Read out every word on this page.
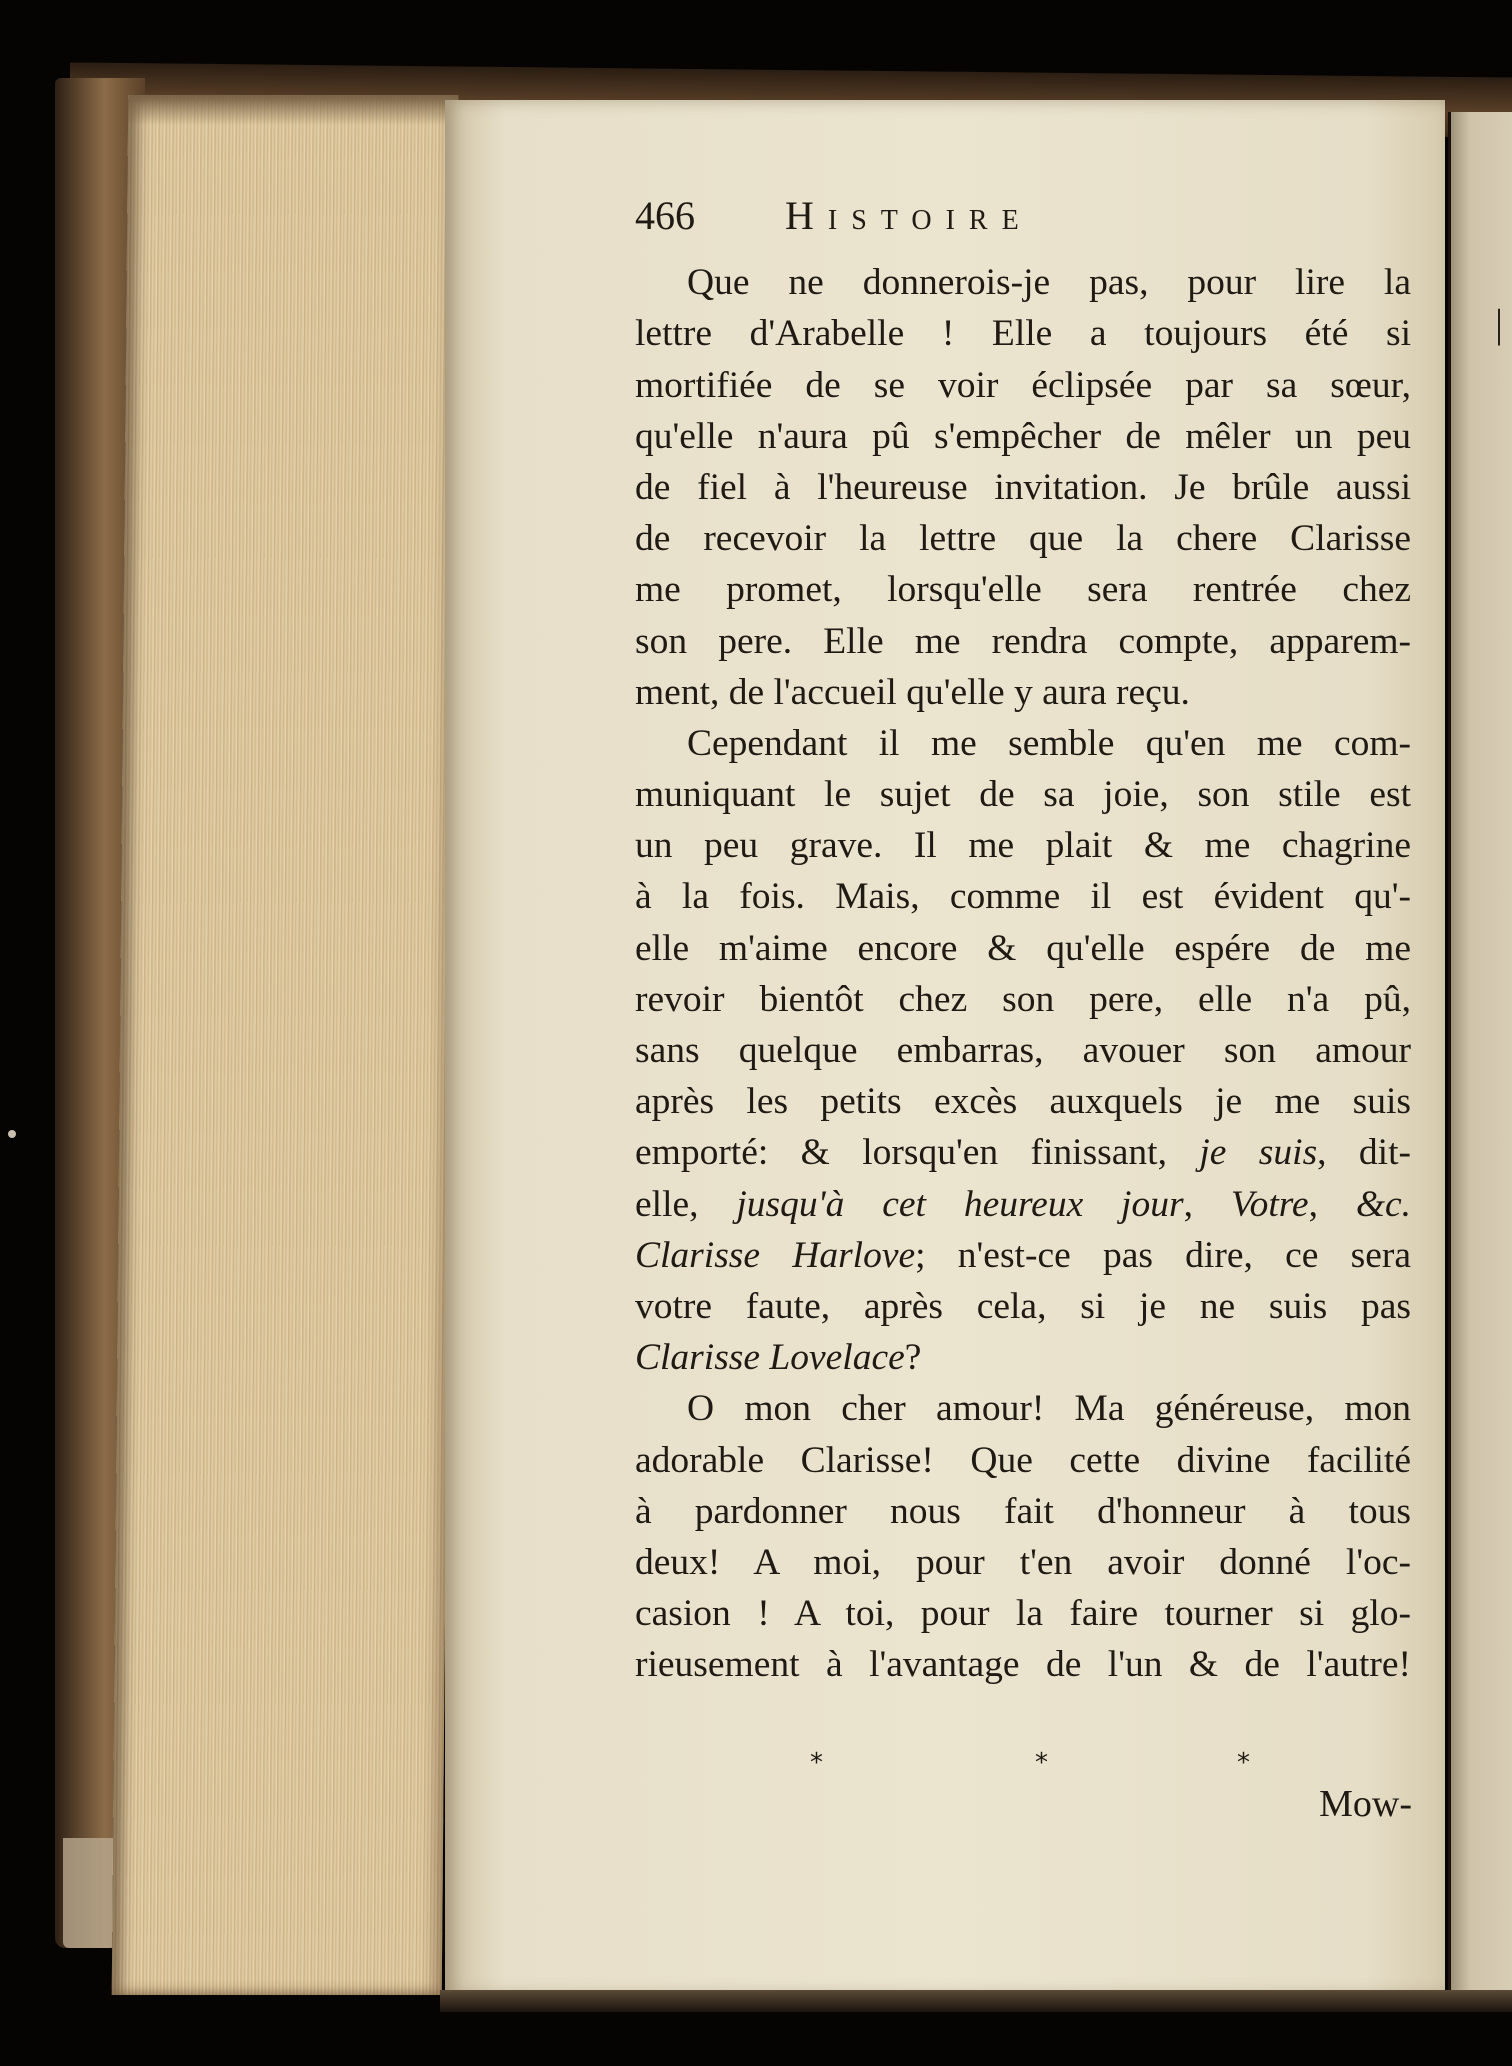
466	Histoire
Que ne donnerois-je pas, pour lire la
lettre d'Arabelle ! Elle a toujours été si
mortifiée de se voir éclipsée par sa sœur,
qu'elle n'aura pû s'empêcher de mêler un peu
de fiel à l'heureuse invitation. Je brûle aussi
de recevoir la lettre que la chere Clarisse
me promet, lorsqu'elle sera rentrée chez
son pere. Elle me rendra compte, apparem-
ment, de l'accueil qu'elle y aura reçu.
Cependant il me semble qu'en me com-
muniquant le sujet de sa joie, son stile est
un peu grave. Il me plait & me chagrine
à la fois. Mais, comme il est évident qu'-
elle m'aime encore & qu'elle espére de me
revoir bientôt chez son pere, elle n'a pû,
sans quelque embarras, avouer son amour
après les petits excès auxquels je me suis
emporté: & lorsqu'en finissant, je suis, dit-
elle, jusqu'à cet heureux jour, Votre, &c.
Clarisse Harlove; n'est-ce pas dire, ce sera
votre faute, après cela, si je ne suis pas
Clarisse Lovelace?
O mon cher amour! Ma généreuse, mon
adorable Clarisse! Que cette divine facilité
à pardonner nous fait d'honneur à tous
deux! A moi, pour t'en avoir donné l'oc-
casion ! A toi, pour la faire tourner si glo-
rieusement à l'avantage de l'un & de l'autre!
*	*	*
Mow-
|
